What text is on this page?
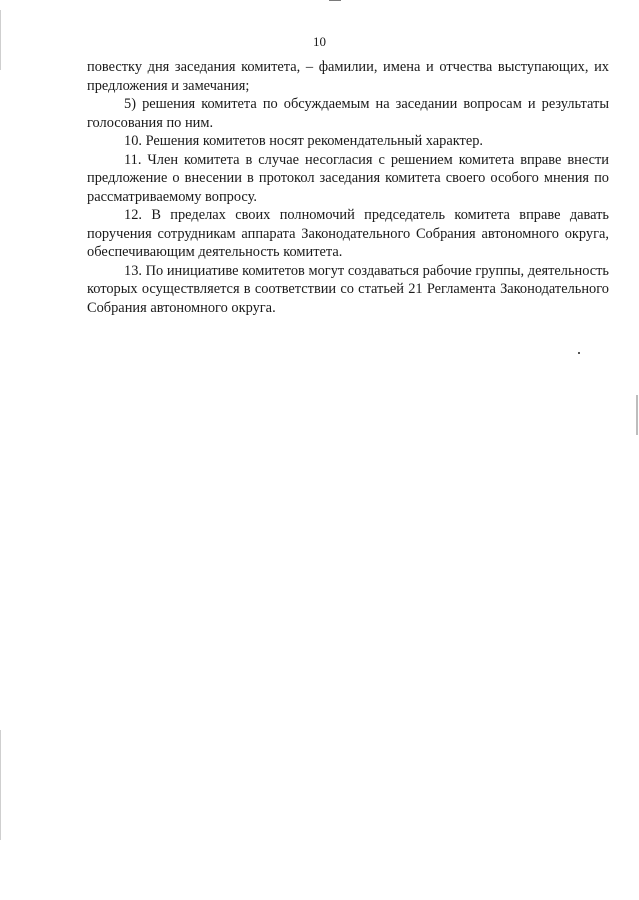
10

повестку дня заседания комитета, – фамилии, имена и отчества выступающих, их предложения и замечания;

5) решения комитета по обсуждаемым на заседании вопросам и результаты голосования по ним.

10. Решения комитетов носят рекомендательный характер.

11. Член комитета в случае несогласия с решением комитета вправе внести предложение о внесении в протокол заседания комитета своего особого мнения по рассматриваемому вопросу.

12. В пределах своих полномочий председатель комитета вправе давать поручения сотрудникам аппарата Законодательного Собрания автономного округа, обеспечивающим деятельность комитета.

13. По инициативе комитетов могут создаваться рабочие группы, деятельность которых осуществляется в соответствии со статьей 21 Регламента Законодательного Собрания автономного округа.
